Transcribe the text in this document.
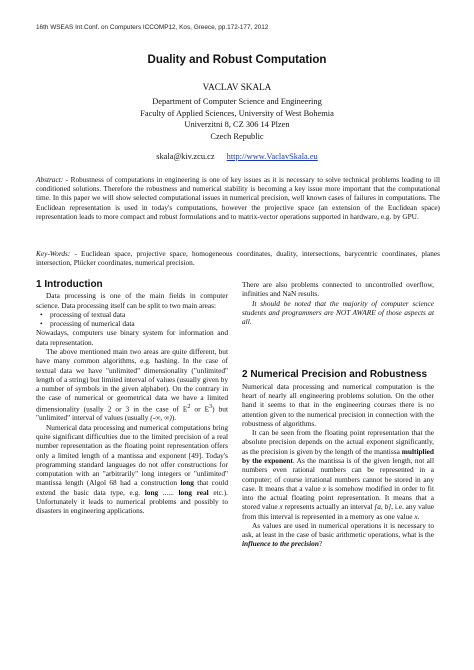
16th WSEAS Int.Conf. on Computers ICCOMP12, Kos, Greece, pp.172-177, 2012
Duality and Robust Computation
VACLAV SKALA
Department of Computer Science and Engineering
Faculty of Applied Sciences, University of West Bohemia
Univerzitni 8, CZ 306 14 Plzen
Czech Republic
skala@kiv.zcu.cz http://www.VaclavSkala.eu
Abstract: - Robustness of computations in engineering is one of key issues as it is necessary to solve technical problems leading to ill conditioned solutions. Therefore the robustness and numerical stability is becoming a key issue more important that the computational time. In this paper we will show selected computational issues in numerical precision, well known cases of failures in computations. The Euclidean representation is used in today's computations, however the projective space (an extension of the Euclidean space) representation leads to more compact and robust formulations and to matrix-vector operations supported in hardware, e.g. by GPU.
Key-Words: - Euclidean space, projective space, homogeneous coordinates, duality, intersections, barycentric coordinates, planes intersection, Plücker coordinates, numerical precision.
1 Introduction

Data processing is one of the main fields in computer science. Data processing itself can be split to two main areas:

• processing of textual data
• processing of numerical data

Nowadays, computers use binary system for information and data representation.

The above mentioned main two areas are quite different, but have many common algorithms, e.g. hashing. In the case of textual data we have "unlimited" dimensionality ("unlimited" length of a string) but limited interval of values (usually given by a number of symbols in the given alphabet). On the contrary in the case of numerical or geometrical data we have a limited dimensionality (usally 2 or 3 in the case of $E^2$ or $E^3$) but "unlimited" interval of values (usually (-∞, ∞)).

Numerical data processing and numerical computations bring quite significant difficulties due to the limited precision of a real number representation as the floating point representation offers only a limited length of a mantissa and exponent [49]. Today's programming standard languages do not offer constructions for computation with an "arbitrarily" long integers or "unlimited" mantissa length (Algol 68 had a construction long that could extend the basic data type, e.g. long ...... long real etc.). Unfortunately it leads to numerical problems and possibly to disasters in engineering applications.

There are also problems connected to uncontrolled overflow, infinities and NaN results.

It should be noted that the majority of computer science students and programmers are NOT AWARE of those aspects at all.

2 Numerical Precision and Robustness

Numerical data processing and numerical computation is the heart of nearly all engineering problems solution. On the other hand it seems to that in the engineering courses there is no attention given to the numerical precision in connection with the robustness of algorithms.

It can be seen from the floating point representation that the absolute precision depends on the actual exponent significantly, as the precision is given by the length of the mantissa multiplied by the exponent. As the mantissa is of the given length, not all numbers even rational numbers can be represented in a computer; of course irrational numbers cannot be stored in any case. It means that a value x is somehow modified in order to fit into the actual floating point representation. It means that a stored value x represents actually an interval [a, b], i.e. any value from this interval is represented in a memory as one value x.

As values are used in numerical operations it is necessary to ask, at least in the case of basic arithmetic operations, what is the influence to the precision?
